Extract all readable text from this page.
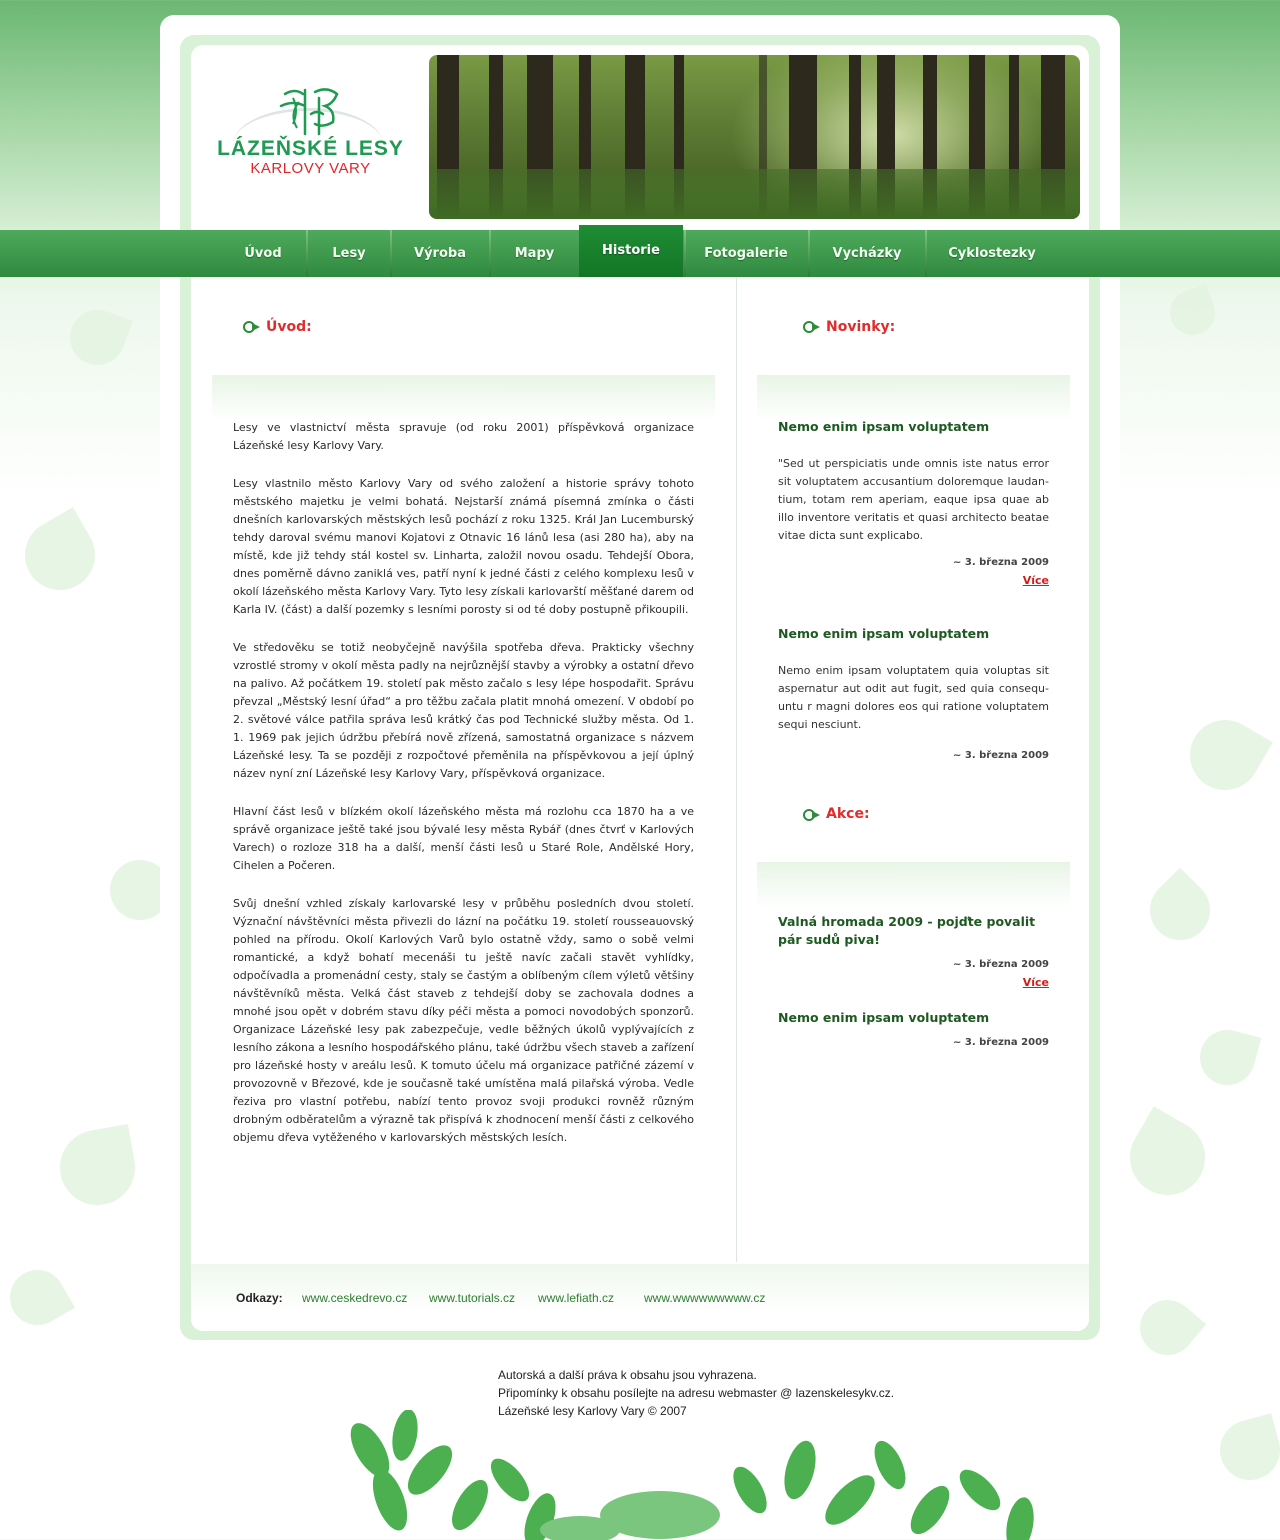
LÁZEŇSKÉ LESY
KARLOVY VARY
Úvod	Lesy	Výroba	Mapy	Historie	Fotogalerie	Vycházky	Cyklostezky
Úvod:

Lesy ve vlastnictví města spravuje (od roku 2001) příspěvková organizace Lázeňské lesy Karlovy Vary.

Lesy vlastnilo město Karlovy Vary od svého založení a historie správy tohoto městského majetku je velmi bohatá. Nejstarší známá písemná zmínka o části dnešních karlovarských městských lesů pochází z roku 1325. Král Jan Lucemburský tehdy daroval svému manovi Kojatovi z Otnavic 16 lánů lesa (asi 280 ha), aby na místě, kde již tehdy stál kostel sv. Linharta, založil novou osadu. Tehdejší Obora, dnes poměrně dávno zaniklá ves, patří nyní k jedné části z celého komplexu lesů v okolí lázeňského města Karlovy Vary. Tyto lesy získali karlovarští měšťané darem od Karla IV. (část) a další pozemky s lesními porosty si od té doby postupně přikoupili.

Ve středověku se totiž neobyčejně navýšila spotřeba dřeva. Prakticky všechny vzrostlé stromy v okolí města padly na nejrůznější stavby a výrobky a ostatní dřevo na palivo. Až počátkem 19. století pak město začalo s lesy lépe hospodařit. Správu převzal „Městský lesní úřad“ a pro těžbu začala platit mnohá omezení. V období po 2. světové válce patřila správa lesů krátký čas pod Technické služby města. Od 1. 1. 1969 pak jejich údržbu přebírá nově zřízená, samostatná organizace s názvem Lázeňské lesy. Ta se později z rozpočtové přeměnila na příspěvkovou a její úplný název nyní zní Lázeňské lesy Karlovy Vary, příspěvková organizace.

Hlavní část lesů v blízkém okolí lázeňského města má rozlohu cca 1870 ha a ve správě organizace ještě také jsou bývalé lesy města Rybář (dnes čtvrť v Karlových Varech) o rozloze 318 ha a další, menší části lesů u Staré Role, Andělské Hory, Cihelen a Počeren.

Svůj dnešní vzhled získaly karlovarské lesy v průběhu posledních dvou století. Význační návštěvníci města přivezli do lázní na počátku 19. století rousseauovský pohled na přírodu. Okolí Karlových Varů bylo ostatně vždy, samo o sobě velmi romantické, a když bohatí mecenáši tu ještě navíc začali stavět vyhlídky, odpočívadla a promenádní cesty, staly se častým a oblíbeným cílem výletů většiny návštěvníků města. Velká část staveb z tehdejší doby se zachovala dodnes a mnohé jsou opět v dobrém stavu díky péči města a pomoci novodobých sponzorů. Organizace Lázeňské lesy pak zabezpečuje, vedle běžných úkolů vyplývajících z lesního zákona a lesního hospodářského plánu, také údržbu všech staveb a zařízení pro lázeňské hosty v areálu lesů. K tomuto účelu má organizace patřičné zázemí v provozovně v Březové, kde je současně také umístěna malá pilařská výroba. Vedle řeziva pro vlastní potřebu, nabízí tento provoz svoji produkci rovněž různým drobným odběratelům a výrazně tak přispívá k zhodnocení menší části z celkového objemu dřeva vytěženého v karlovarských městských lesích.

Novinky:
Nemo enim ipsam voluptatem
"Sed ut perspiciatis unde omnis iste natus error sit voluptatem accusantium doloremque laudan-tium, totam rem aperiam, eaque ipsa quae ab illo inventore veritatis et quasi architecto beatae vitae dicta sunt explicabo.
~ 3. března 2009
Více
Nemo enim ipsam voluptatem
Nemo enim ipsam voluptatem quia voluptas sit aspernatur aut odit aut fugit, sed quia consequ-untu r magni dolores eos qui ratione voluptatem sequi nesciunt.
~ 3. března 2009
Akce:
Valná hromada 2009 - pojďte povalit pár sudů piva!
~ 3. března 2009
Více
Nemo enim ipsam voluptatem
~ 3. března 2009
Odkazy: www.ceskedrevo.cz www.tutorials.cz www.lefiath.cz www.wwwwwwwww.cz
Autorská a další práva k obsahu jsou vyhrazena.
Připomínky k obsahu posílejte na adresu webmaster @ lazenskelesykv.cz.
Lázeňské lesy Karlovy Vary © 2007
